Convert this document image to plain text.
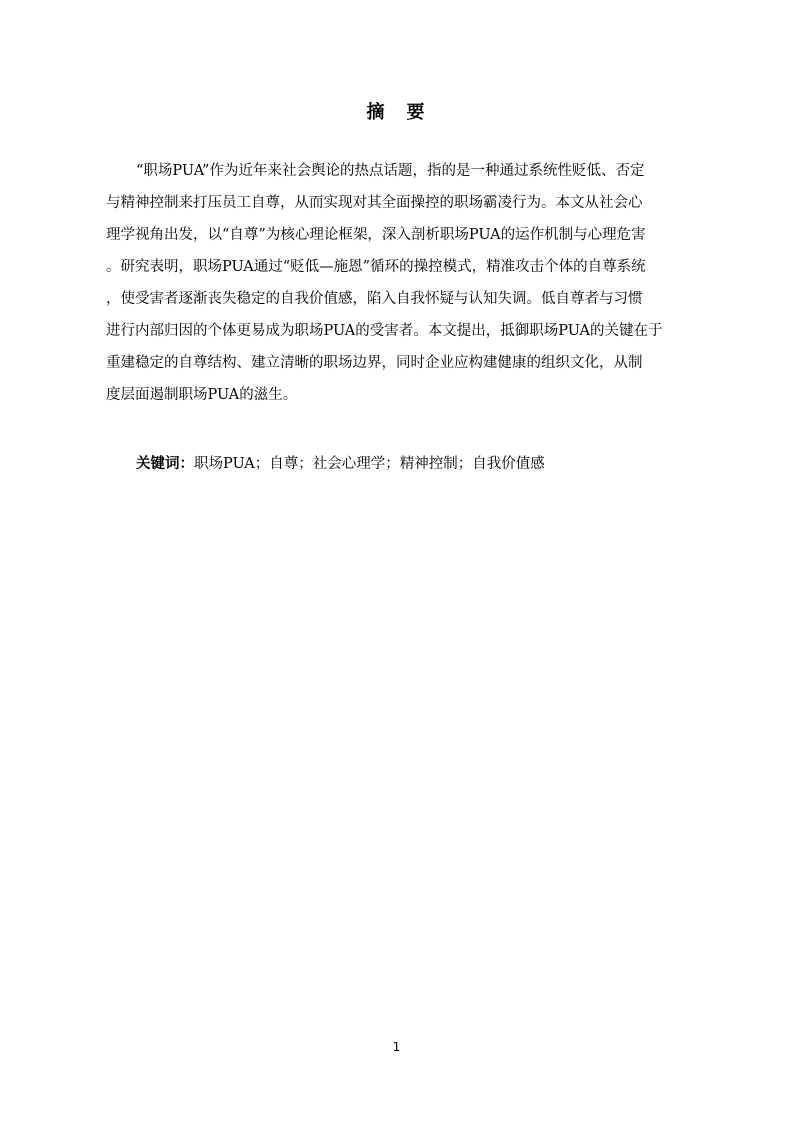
摘　要
“职场PUA”作为近年来社会舆论的热点话题，指的是一种通过系统性贬低、否定
与精神控制来打压员工自尊，从而实现对其全面操控的职场霸凌行为。本文从社会心
理学视角出发，以“自尊”为核心理论框架，深入剖析职场PUA的运作机制与心理危害
。研究表明，职场PUA通过“贬低—施恩”循环的操控模式，精准攻击个体的自尊系统
，使受害者逐渐丧失稳定的自我价值感，陷入自我怀疑与认知失调。低自尊者与习惯
进行内部归因的个体更易成为职场PUA的受害者。本文提出，抵御职场PUA的关键在于
重建稳定的自尊结构、建立清晰的职场边界，同时企业应构建健康的组织文化，从制
度层面遏制职场PUA的滋生。
关键词：职场PUA；自尊；社会心理学；精神控制；自我价值感
1
